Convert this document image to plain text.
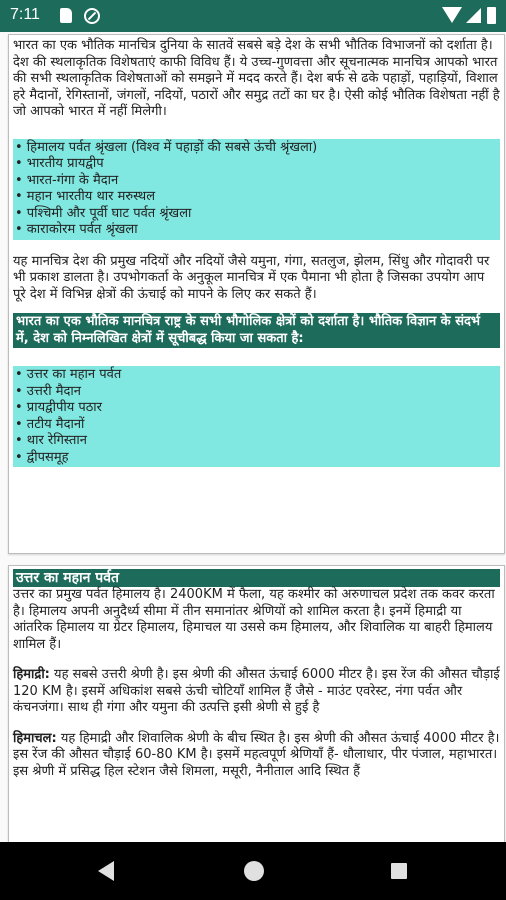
7:11

भारत का एक भौतिक मानचित्र दुनिया के सातवें सबसे बड़े देश के सभी भौतिक विभाजनों को दर्शाता है। देश की स्थलाकृतिक विशेषताएं काफी विविध हैं। ये उच्च-गुणवत्ता और सूचनात्मक मानचित्र आपको भारत की सभी स्थलाकृतिक विशेषताओं को समझने में मदद करते हैं। देश बर्फ से ढके पहाड़ों, पहाड़ियों, विशाल हरे मैदानों, रेगिस्तानों, जंगलों, नदियों, पठारों और समुद्र तटों का घर है। ऐसी कोई भौतिक विशेषता नहीं है जो आपको भारत में नहीं मिलेगी।

• हिमालय पर्वत श्रृंखला (विश्व में पहाड़ों की सबसे ऊंची श्रृंखला)
• भारतीय प्रायद्वीप
• भारत-गंगा के मैदान
• महान भारतीय थार मरुस्थल
• पश्चिमी और पूर्वी घाट पर्वत श्रृंखला
• काराकोरम पर्वत श्रृंखला

यह मानचित्र देश की प्रमुख नदियों और नदियों जैसे यमुना, गंगा, सतलुज, झेलम, सिंधु और गोदावरी पर भी प्रकाश डालता है। उपभोगकर्ता के अनुकूल मानचित्र में एक पैमाना भी होता है जिसका उपयोग आप पूरे देश में विभिन्न क्षेत्रों की ऊंचाई को मापने के लिए कर सकते हैं।

भारत का एक भौतिक मानचित्र राष्ट्र के सभी भौगोलिक क्षेत्रों को दर्शाता है। भौतिक विज्ञान के संदर्भ में, देश को निम्नलिखित क्षेत्रों में सूचीबद्ध किया जा सकता है:
• उत्तर का महान पर्वत
• उत्तरी मैदान
• प्रायद्वीपीय पठार
• तटीय मैदानों
• थार रेगिस्तान
• द्वीपसमूह
उत्तर का महान पर्वत

उत्तर का प्रमुख पर्वत हिमालय है। 2400KM में फैला, यह कश्मीर को अरुणाचल प्रदेश तक कवर करता है। हिमालय अपनी अनुदैर्ध्य सीमा में तीन समानांतर श्रेणियों को शामिल करता है। इनमें हिमाद्री या आंतरिक हिमालय या ग्रेटर हिमालय, हिमाचल या उससे कम हिमालय, और शिवालिक या बाहरी हिमालय शामिल हैं।

हिमाद्री: यह सबसे उत्तरी श्रेणी है। इस श्रेणी की औसत ऊंचाई 6000 मीटर है। इस रेंज की औसत चौड़ाई 120 KM है। इसमें अधिकांश सबसे ऊंची चोटियाँ शामिल हैं जैसे - माउंट एवरेस्ट, नंगा पर्वत और कंचनजंगा। साथ ही गंगा और यमुना की उत्पत्ति इसी श्रेणी से हुई है

हिमाचल: यह हिमाद्री और शिवालिक श्रेणी के बीच स्थित है। इस श्रेणी की औसत ऊंचाई 4000 मीटर है। इस रेंज की औसत चौड़ाई 60-80 KM है। इसमें महत्वपूर्ण श्रेणियाँ हैं- धौलाधार, पीर पंजाल, महाभारत। इस श्रेणी में प्रसिद्ध हिल स्टेशन जैसे शिमला, मसूरी, नैनीताल आदि स्थित हैं
